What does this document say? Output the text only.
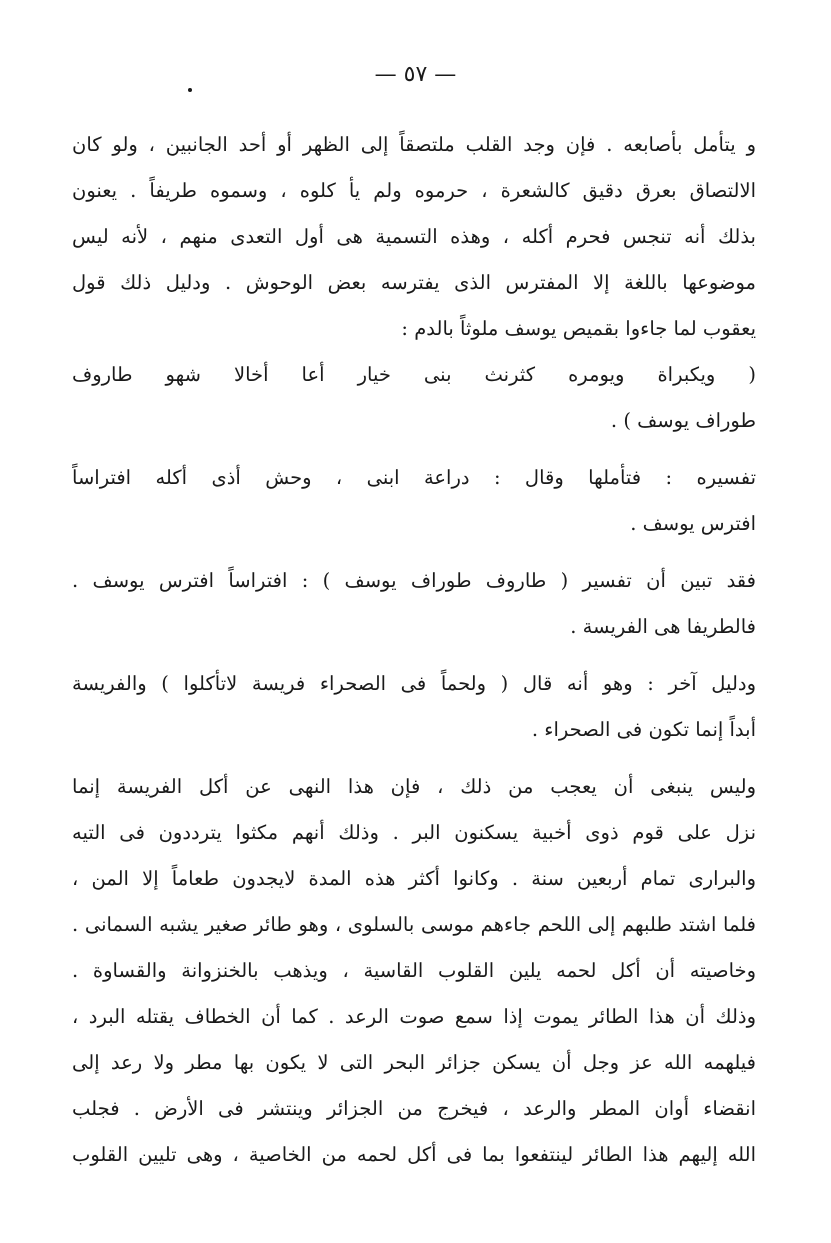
— ٥٧ —
و يتأمل بأصابعه . فإن وجد القلب ملتصقاً إلى الظهر أو أحد الجانبين ، ولو كان
الالتصاق بعرق دقيق كالشعرة ، حرموه ولم يأ كلوه ، وسموه طريفاً . يعنون
بذلك أنه تنجس فحرم أكله ، وهذه التسمية هى أول التعدى منهم ، لأنه ليس
موضوعها باللغة إلا المفترس الذى يفترسه بعض الوحوش . ودليل ذلك قول
يعقوب لما جاءوا بقميص يوسف ملوثاً بالدم :
( ويكبراة ويومره كثرنث بنى خيار أعا أخالا شهو طاروف
طوراف يوسف ) .
تفسيره : فتأملها وقال : دراعة ابنى ، وحش أذى أكله افتراساً
افترس يوسف .
فقد تبين أن تفسير ( طاروف طوراف يوسف ) : افتراساً افترس يوسف .
فالطريفا هى الفريسة .
ودليل آخر : وهو أنه قال ( ولحماً فى الصحراء فريسة لاتأكلوا ) والفريسة
أبداً إنما تكون فى الصحراء .
وليس ينبغى أن يعجب من ذلك ، فإن هذا النهى عن أكل الفريسة إنما
نزل على قوم ذوى أخبية يسكنون البر . وذلك أنهم مكثوا يترددون فى التيه
والبرارى تمام أربعين سنة . وكانوا أكثر هذه المدة لايجدون طعاماً إلا المن ،
فلما اشتد طلبهم إلى اللحم جاءهم موسى بالسلوى ، وهو طائر صغير يشبه السمانى .
وخاصيته أن أكل لحمه يلين القلوب القاسية ، ويذهب بالخنزوانة والقساوة .
وذلك أن هذا الطائر يموت إذا سمع صوت الرعد . كما أن الخطاف يقتله البرد ،
فيلهمه الله عز وجل أن يسكن جزائر البحر التى لا يكون بها مطر ولا رعد إلى
انقضاء أوان المطر والرعد ، فيخرج من الجزائر وينتشر فى الأرض . فجلب
الله إليهم هذا الطائر لينتفعوا بما فى أكل لحمه من الخاصية ، وهى تليين القلوب
